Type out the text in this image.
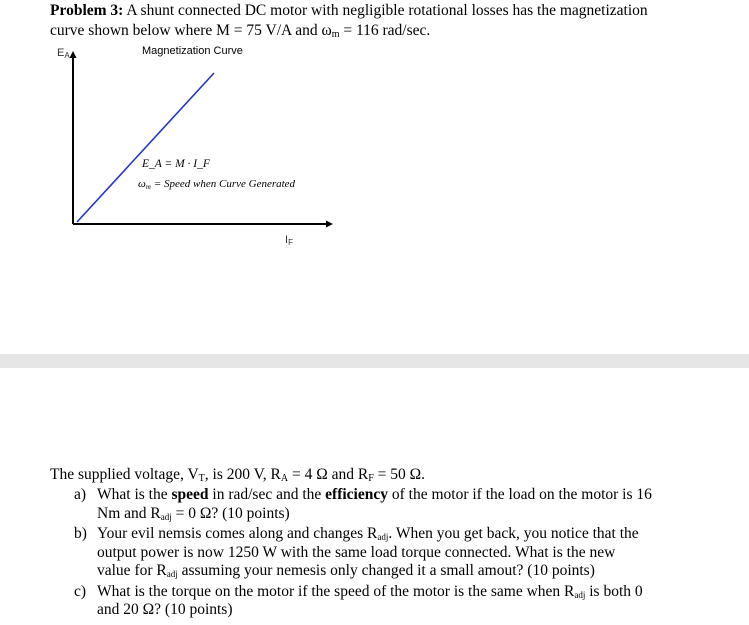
Problem 3: A shunt connected DC motor with negligible rotational losses has the magnetization
curve shown below where M = 75 V/A and $\omega_m = 116$ rad/sec.
Magnetization Curve
EA
IF
E_A = M · I_F
ωm = Speed when Curve Generated
The supplied voltage, $V_T$, is 200 V, $R_A = 4$ Ω and $R_F = 50$ Ω.
a) What is the speed in rad/sec and the efficiency of the motor if the load on the motor is 16
Nm and $R_{adj} = 0$ Ω? (10 points)
b) Your evil nemsis comes along and changes $R_{adj}$. When you get back, you notice that the
output power is now 1250 W with the same load torque connected. What is the new
value for $R_{adj}$ assuming your nemesis only changed it a small amout? (10 points)
c) What is the torque on the motor if the speed of the motor is the same when $R_{adj}$ is both 0
and 20 Ω? (10 points)
